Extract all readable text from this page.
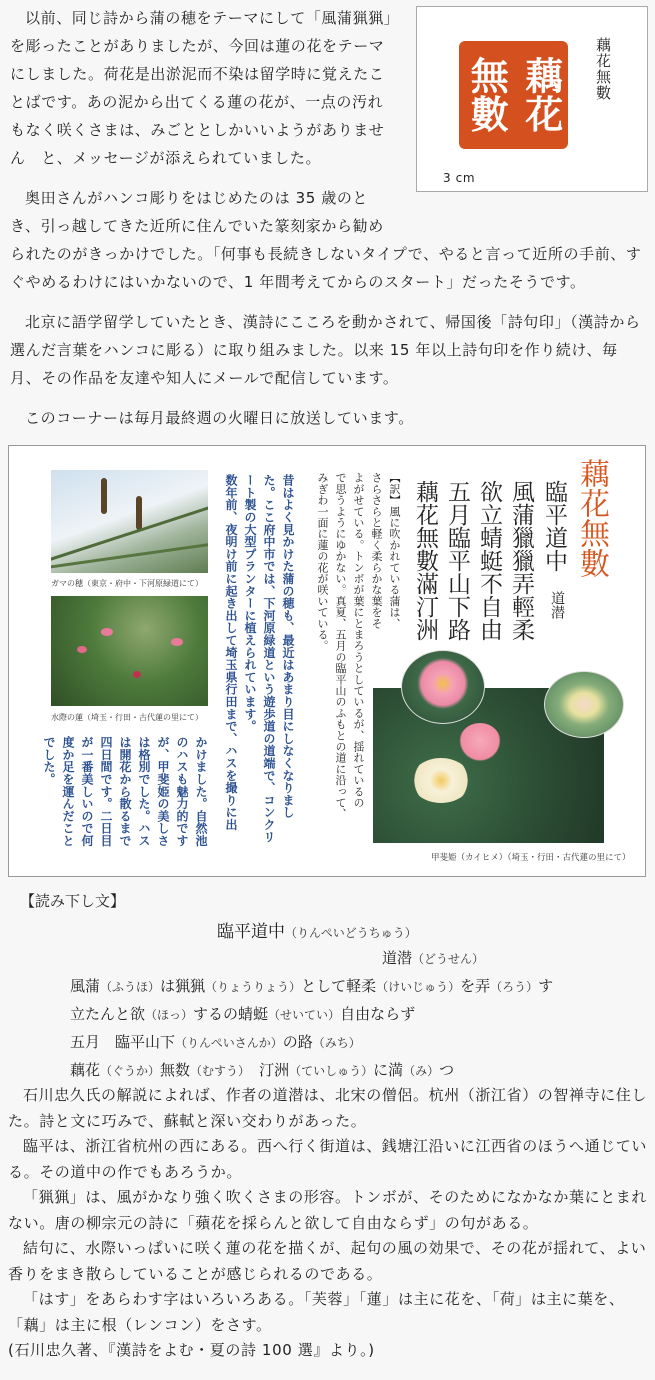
藕花
無數	藕花無數
3 cm

以前、同じ詩から蒲の穂をテーマにして「風蒲猟猟」を彫ったことがありましたが、今回は蓮の花をテーマにしました。荷花是出淤泥而不染は留学時に覚えたことばです。あの泥から出てくる蓮の花が、一点の汚れもなく咲くさまは、みごととしかいいようがありません　と、メッセージが添えられていました。

奥田さんがハンコ彫りをはじめたのは 35 歳のとき、引っ越してきた近所に住んでいた篆刻家から勧められたのがきっかけでした。「何事も長続きしないタイプで、やると言って近所の手前、すぐやめるわけにはいかないので、1 年間考えてからのスタート」だったそうです。

北京に語学留学していたとき、漢詩にこころを動かされて、帰国後「詩句印」（漢詩から選んだ言葉をハンコに彫る）に取り組みました。以来 15 年以上詩句印を作り続け、毎月、その作品を友達や知人にメールで配信しています。

このコーナーは毎月最終週の火曜日に放送しています。

ガマの穂（東京・府中・下河原緑道にて）
水際の蓮（埼玉・行田・古代蓮の里にて）	昔はよく見かけた蒲の穂も、最近はあまり目にしなくなりまし
た。ここ府中市では、下河原緑道という遊歩道の道端で、コンクリ
ート製の大型プランターに植えられています。
数年前、夜明け前に起き出して埼玉県行田まで、ハスを撮りに出
かけました。自然池
のハスも魅力的です
が、甲斐姫の美しさ
は格別でした。ハス
は開花から散るまで
四日間です。二日目
が一番美しいので何
度か足を運んだこと
でした。
【訳】風に吹かれている蒲は、
さらさらと軽く柔らかな葉をそ
よがせている。トンボが葉にとまろうとしているが、揺れているの
で思うようにゆかない。真夏、五月の臨平山のふもとの道に沿って、
みぎわ一面に蓮の花が咲いている。	藕花無數
臨平道中
道潜
風蒲獵獵弄輕柔
欲立蜻蜓不自由
五月臨平山下路
藕花無數滿汀洲
甲斐姫（カイヒメ）（埼玉・行田・古代蓮の里にて）
【読み下し文】
臨平道中（りんぺいどうちゅう）
道潜（どうせん）
風蒲（ふうほ）は猟猟（りょうりょう）として軽柔（けいじゅう）を弄（ろう）す
立たんと欲（ほっ）するの蜻蜓（せいてい）自由ならず
五月　臨平山下（りんぺいさんか）の路（みち）
藕花（ぐうか）無数（むすう）　汀洲（ていしゅう）に満（み）つ

石川忠久氏の解説によれば、作者の道潜は、北宋の僧侶。杭州（浙江省）の智禅寺に住した。詩と文に巧みで、蘇軾と深い交わりがあった。

臨平は、浙江省杭州の西にある。西へ行く街道は、銭塘江沿いに江西省のほうへ通じている。その道中の作でもあろうか。

「猟猟」は、風がかなり強く吹くさまの形容。トンボが、そのためになかなか葉にとまれない。唐の柳宗元の詩に「蘋花を採らんと欲して自由ならず」の句がある。

結句に、水際いっぱいに咲く蓮の花を描くが、起句の風の効果で、その花が揺れて、よい香りをまき散らしていることが感じられるのである。

「はす」をあらわす字はいろいろある。「芙蓉」「蓮」は主に花を、「荷」は主に葉を、「藕」は主に根（レンコン）をさす。

(石川忠久著、『漢詩をよむ・夏の詩 100 選』より。)
